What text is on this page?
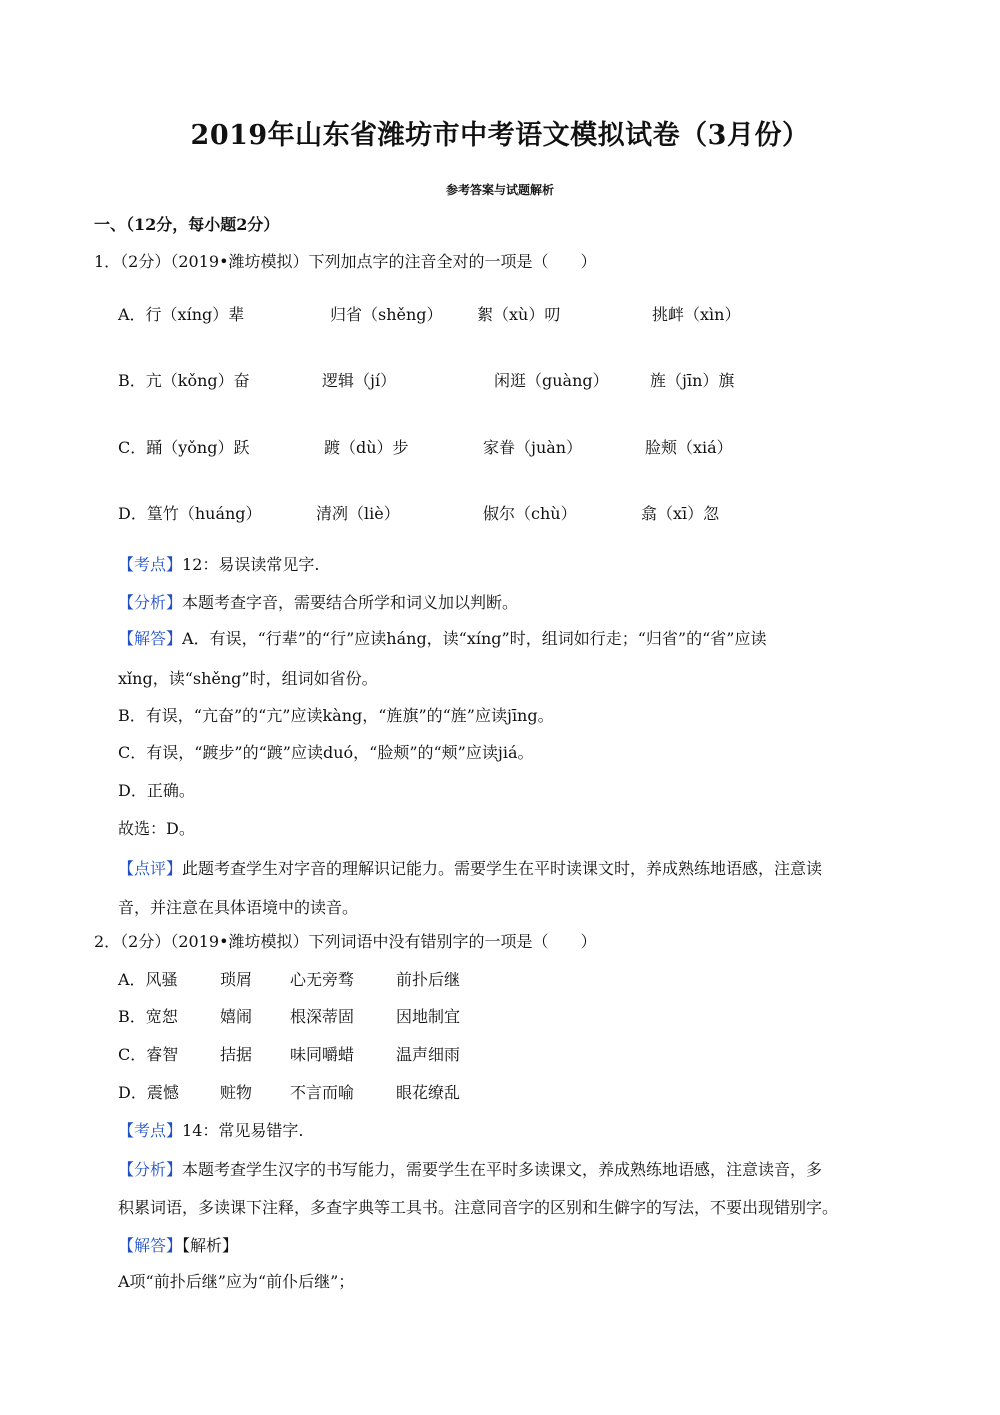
2019年山东省潍坊市中考语文模拟试卷（3月份）
参考答案与试题解析
一、（12分，每小题2分）
1．（2分）（2019•潍坊模拟）下列加点字的注音全对的一项是（　　）
A．行（xíng）辈	归省（shěng） 絮（xù）叨	挑衅（xìn）
B．亢（kǒng）奋	逻辑（jí）	闲逛（guàng）	旌（jīn）旗
C．踊（yǒng）跃	踱（dù）步	家眷（juàn）	脸颊（xiá）
D．篁竹（huáng）	清冽（liè）	俶尔（chù）	翕（xī）忽
【考点】12：易误读常见字.
【分析】本题考查字音，需要结合所学和词义加以判断。
【解答】A．有误，“行辈”的“行”应读háng，读“xíng”时，组词如行走；“归省”的“省”应读
xǐng，读“shěng”时，组词如省份。
B．有误，“亢奋”的“亢”应读kàng，“旌旗”的“旌”应读jīng。
C．有误，“踱步”的“踱”应读duó，“脸颊”的“颊”应读jiá。
D．正确。
故选：D。
【点评】此题考查学生对字音的理解识记能力。需要学生在平时读课文时，养成熟练地语感，注意读
音，并注意在具体语境中的读音。
2．（2分）（2019•潍坊模拟）下列词语中没有错别字的一项是（　　）
A．风骚	琐屑 心无旁骛	前扑后继
B．宽恕	嬉闹 根深蒂固	因地制宜
C．睿智	拮据 味同嚼蜡	温声细雨
D．震憾	赃物 不言而喻	眼花缭乱
【考点】14：常见易错字.
【分析】本题考查学生汉字的书写能力，需要学生在平时多读课文，养成熟练地语感，注意读音，多
积累词语，多读课下注释，多查字典等工具书。注意同音字的区别和生僻字的写法，不要出现错别字。
【解答】【解析】
A项“前扑后继”应为“前仆后继”；
